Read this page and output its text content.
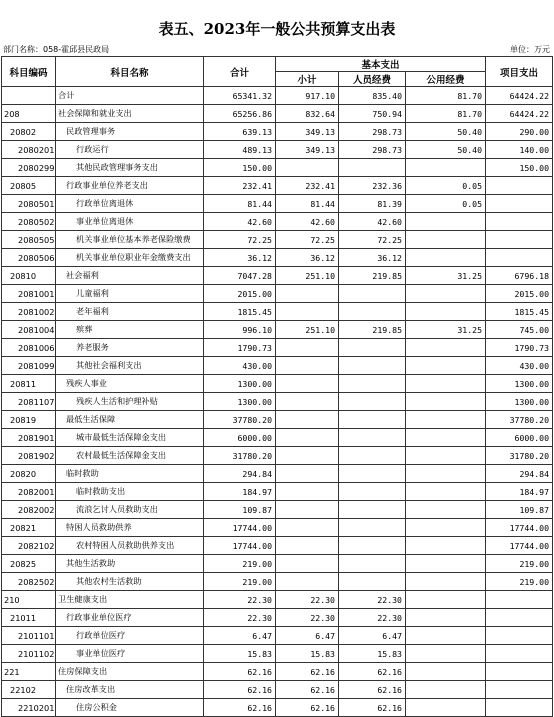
表五、2023年一般公共预算支出表
部门名称：058-霍邱县民政局	单位：万元
科目编码	科目名称	合计	基本支出			项目支出
			小计	人员经费	公用经费	
	合计	65341.32	917.10	835.40	81.70	64424.22
208	社会保障和就业支出	65256.86	832.64	750.94	81.70	64424.22
20802	民政管理事务	639.13	349.13	298.73	50.40	290.00
2080201	行政运行	489.13	349.13	298.73	50.40	140.00
2080299	其他民政管理事务支出	150.00				150.00
20805	行政事业单位养老支出	232.41	232.41	232.36	0.05	
2080501	行政单位离退休	81.44	81.44	81.39	0.05	
2080502	事业单位离退休	42.60	42.60	42.60		
2080505	机关事业单位基本养老保险缴费	72.25	72.25	72.25		
2080506	机关事业单位职业年金缴费支出	36.12	36.12	36.12		
20810	社会福利	7047.28	251.10	219.85	31.25	6796.18
2081001	儿童福利	2015.00				2015.00
2081002	老年福利	1815.45				1815.45
2081004	殡葬	996.10	251.10	219.85	31.25	745.00
2081006	养老服务	1790.73				1790.73
2081099	其他社会福利支出	430.00				430.00
20811	残疾人事业	1300.00				1300.00
2081107	残疾人生活和护理补贴	1300.00				1300.00
20819	最低生活保障	37780.20				37780.20
2081901	城市最低生活保障金支出	6000.00				6000.00
2081902	农村最低生活保障金支出	31780.20				31780.20
20820	临时救助	294.84				294.84
2082001	临时救助支出	184.97				184.97
2082002	流浪乞讨人员救助支出	109.87				109.87
20821	特困人员救助供养	17744.00				17744.00
2082102	农村特困人员救助供养支出	17744.00				17744.00
20825	其他生活救助	219.00				219.00
2082502	其他农村生活救助	219.00				219.00
210	卫生健康支出	22.30	22.30	22.30		
21011	行政事业单位医疗	22.30	22.30	22.30		
2101101	行政单位医疗	6.47	6.47	6.47		
2101102	事业单位医疗	15.83	15.83	15.83		
221	住房保障支出	62.16	62.16	62.16		
22102	住房改革支出	62.16	62.16	62.16		
2210201	住房公积金	62.16	62.16	62.16		
